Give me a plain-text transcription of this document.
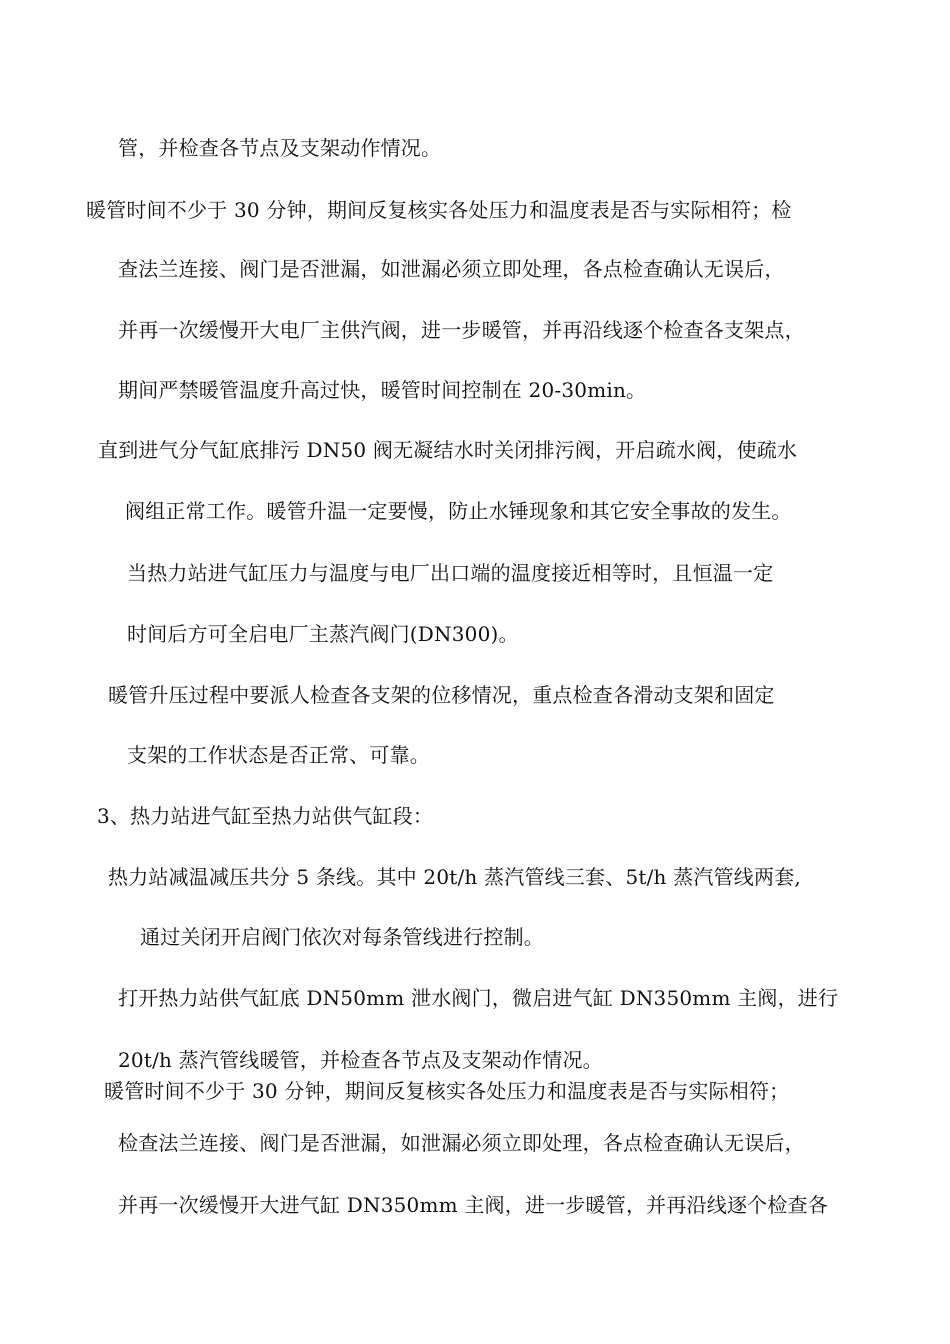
管，并检查各节点及支架动作情况。
暖管时间不少于 30 分钟，期间反复核实各处压力和温度表是否与实际相符；检
查法兰连接、阀门是否泄漏，如泄漏必须立即处理，各点检查确认无误后，
并再一次缓慢开大电厂主供汽阀，进一步暖管，并再沿线逐个检查各支架点，
期间严禁暖管温度升高过快，暖管时间控制在 20-30min。
直到进气分气缸底排污 DN50 阀无凝结水时关闭排污阀，开启疏水阀，使疏水
阀组正常工作。暖管升温一定要慢，防止水锤现象和其它安全事故的发生。
当热力站进气缸压力与温度与电厂出口端的温度接近相等时，且恒温一定
时间后方可全启电厂主蒸汽阀门(DN300)。
暖管升压过程中要派人检查各支架的位移情况，重点检查各滑动支架和固定
支架的工作状态是否正常、可靠。
3、热力站进气缸至热力站供气缸段：
热力站减温减压共分 5 条线。其中 20t/h 蒸汽管线三套、5t/h 蒸汽管线两套,
通过关闭开启阀门依次对每条管线进行控制。
打开热力站供气缸底 DN50mm 泄水阀门，微启进气缸 DN350mm 主阀，进行
20t/h 蒸汽管线暖管，并检查各节点及支架动作情况。
暖管时间不少于 30 分钟，期间反复核实各处压力和温度表是否与实际相符；
检查法兰连接、阀门是否泄漏，如泄漏必须立即处理，各点检查确认无误后，
并再一次缓慢开大进气缸 DN350mm 主阀，进一步暖管，并再沿线逐个检查各
